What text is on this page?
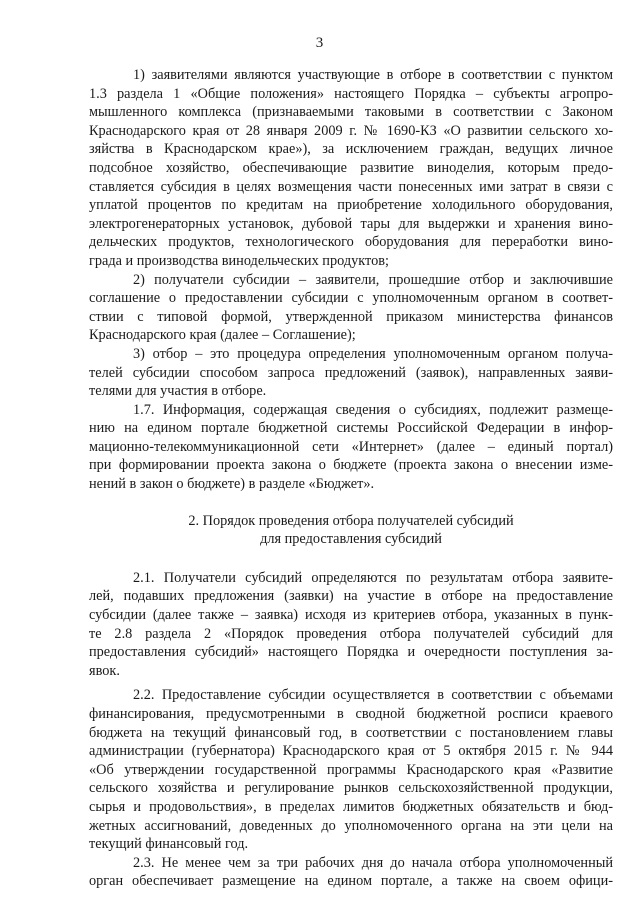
3
1) заявителями являются участвующие в отборе в соответствии с пунктом
1.3 раздела 1 «Общие положения» настоящего Порядка – субъекты агропро-
мышленного комплекса (признаваемыми таковыми в соответствии с Законом
Краснодарского края от 28 января 2009 г. № 1690-КЗ «О развитии сельского хо-
зяйства в Краснодарском крае»), за исключением граждан, ведущих личное
подсобное хозяйство, обеспечивающие развитие виноделия, которым предо-
ставляется субсидия в целях возмещения части понесенных ими затрат в связи с
уплатой процентов по кредитам на приобретение холодильного оборудования,
электрогенераторных установок, дубовой тары для выдержки и хранения вино-
дельческих продуктов, технологического оборудования для переработки вино-
града и производства винодельческих продуктов;
2) получатели субсидии – заявители, прошедшие отбор и заключившие
соглашение о предоставлении субсидии с уполномоченным органом в соответ-
ствии с типовой формой, утвержденной приказом министерства финансов
Краснодарского края (далее – Соглашение);
3) отбор – это процедура определения уполномоченным органом получа-
телей субсидии способом запроса предложений (заявок), направленных заяви-
телями для участия в отборе.
1.7. Информация, содержащая сведения о субсидиях, подлежит размеще-
нию на едином портале бюджетной системы Российской Федерации в инфор-
мационно-телекоммуникационной сети «Интернет» (далее – единый портал)
при формировании проекта закона о бюджете (проекта закона о внесении изме-
нений в закон о бюджете) в разделе «Бюджет».
2. Порядок проведения отбора получателей субсидий
для предоставления субсидий
2.1. Получатели субсидий определяются по результатам отбора заявите-
лей, подавших предложения (заявки) на участие в отборе на предоставление
субсидии (далее также – заявка) исходя из критериев отбора, указанных в пунк-
те 2.8 раздела 2 «Порядок проведения отбора получателей субсидий для
предоставления субсидий» настоящего Порядка и очередности поступления за-
явок.
2.2. Предоставление субсидии осуществляется в соответствии с объемами
финансирования, предусмотренными в сводной бюджетной росписи краевого
бюджета на текущий финансовый год, в соответствии с постановлением главы
администрации (губернатора) Краснодарского края от 5 октября 2015 г. № 944
«Об утверждении государственной программы Краснодарского края «Развитие
сельского хозяйства и регулирование рынков сельскохозяйственной продукции,
сырья и продовольствия», в пределах лимитов бюджетных обязательств и бюд-
жетных ассигнований, доведенных до уполномоченного органа на эти цели на
текущий финансовый год.
2.3. Не менее чем за три рабочих дня до начала отбора уполномоченный
орган обеспечивает размещение на едином портале, а также на своем офици-
